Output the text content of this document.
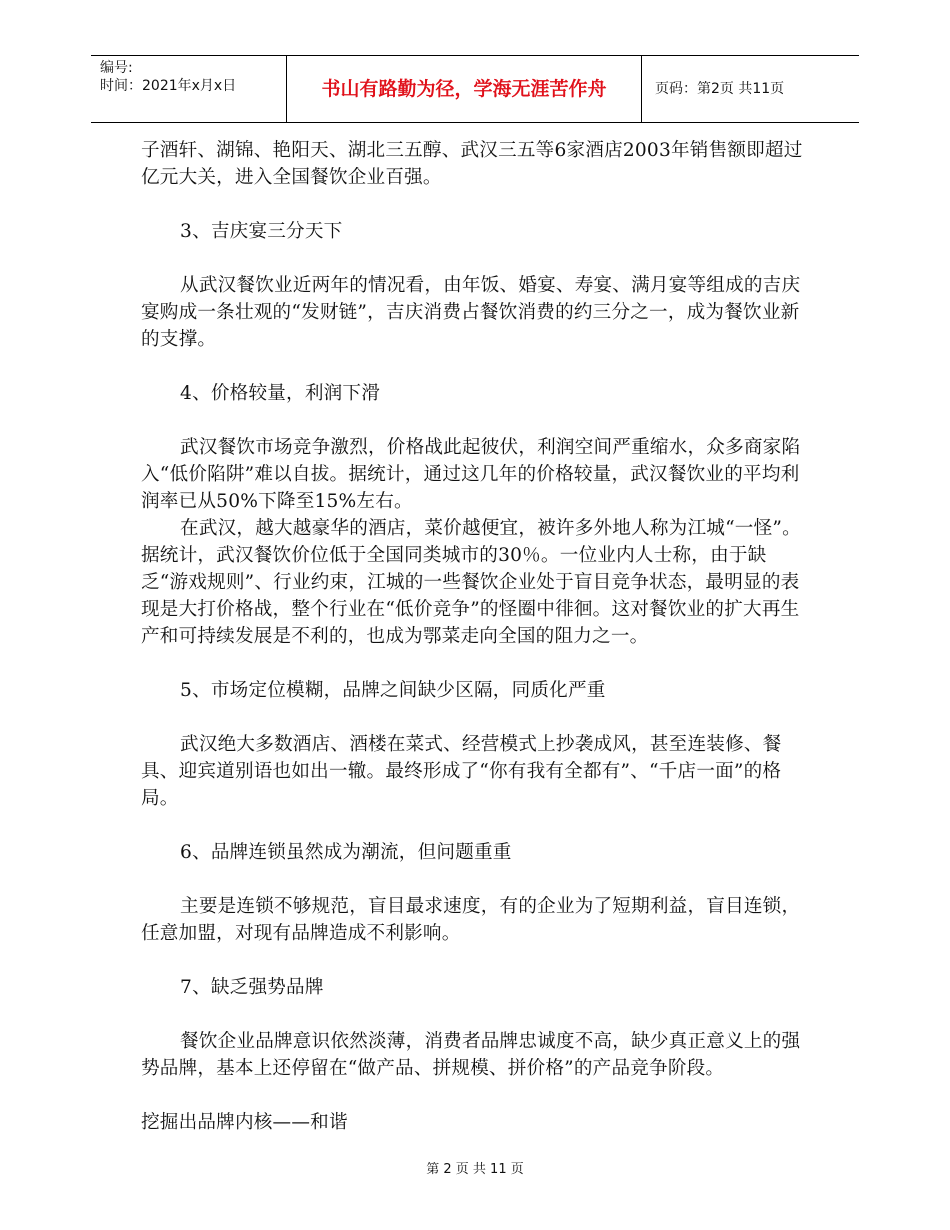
编号:
时间：2021年x月x日	书山有路勤为径，学海无涯苦作舟	页码：第2页 共11页

子酒轩、湖锦、艳阳天、湖北三五醇、武汉三五等6家酒店2003年销售额即超过亿元大关，进入全国餐饮企业百强。

3、吉庆宴三分天下

从武汉餐饮业近两年的情况看，由年饭、婚宴、寿宴、满月宴等组成的吉庆宴购成一条壮观的“发财链”，吉庆消费占餐饮消费的约三分之一，成为餐饮业新的支撑。

4、价格较量，利润下滑

武汉餐饮市场竞争激烈，价格战此起彼伏，利润空间严重缩水，众多商家陷入“低价陷阱”难以自拔。据统计，通过这几年的价格较量，武汉餐饮业的平均利润率已从50%下降至15%左右。

在武汉，越大越豪华的酒店，菜价越便宜，被许多外地人称为江城“一怪”。据统计，武汉餐饮价位低于全国同类城市的30％。一位业内人士称，由于缺乏“游戏规则”、行业约束，江城的一些餐饮企业处于盲目竞争状态，最明显的表现是大打价格战，整个行业在“低价竞争”的怪圈中徘徊。这对餐饮业的扩大再生产和可持续发展是不利的，也成为鄂菜走向全国的阻力之一。

5、市场定位模糊，品牌之间缺少区隔，同质化严重

武汉绝大多数酒店、酒楼在菜式、经营模式上抄袭成风，甚至连装修、餐具、迎宾道别语也如出一辙。最终形成了“你有我有全都有”、“千店一面”的格局。

6、品牌连锁虽然成为潮流，但问题重重

主要是连锁不够规范，盲目最求速度，有的企业为了短期利益，盲目连锁，任意加盟，对现有品牌造成不利影响。

7、缺乏强势品牌

餐饮企业品牌意识依然淡薄，消费者品牌忠诚度不高，缺少真正意义上的强势品牌，基本上还停留在“做产品、拼规模、拼价格”的产品竞争阶段。

挖掘出品牌内核——和谐

第 2 页 共 11 页
